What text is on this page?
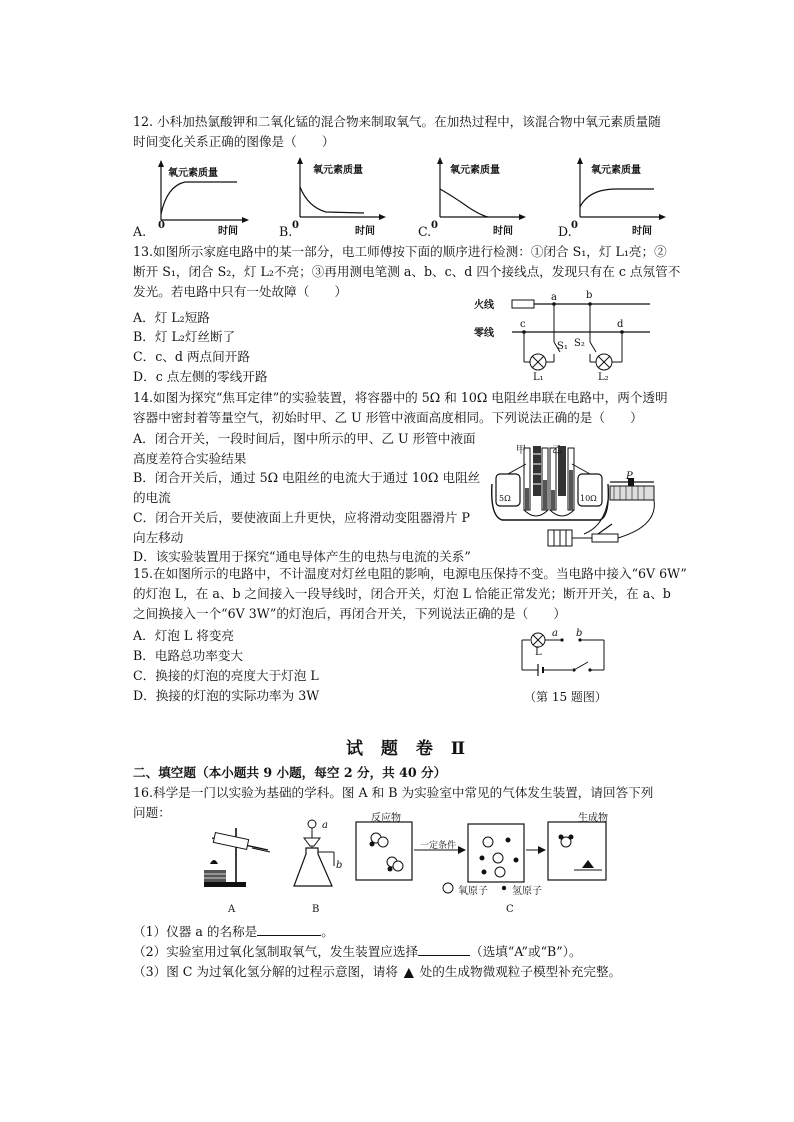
12. 小科加热氯酸钾和二氧化锰的混合物来制取氧气。在加热过程中，该混合物中氧元素质量随
时间变化关系正确的图像是（　　）
氧元素质量
时间
0
A.
氧元素质量
时间
0
B.
氧元素质量
时间
0
C.
氧元素质量
时间
0
D.
13.如图所示家庭电路中的某一部分，电工师傅按下面的顺序进行检测：①闭合 S₁，灯 L₁亮；②
断开 S₁，闭合 S₂，灯 L₂不亮；③再用测电笔测 a、b、c、d 四个接线点，发现只有在 c 点氖管不
发光。若电路中只有一处故障（　　）
A．灯 L₂短路
B．灯 L₂灯丝断了
C．c、d 两点间开路
D．c 点左侧的零线开路
火线
零线
a	b
c	d
S₁ S₂
L₁	L₂
14.如图为探究“焦耳定律”的实验装置，将容器中的 5Ω 和 10Ω 电阻丝串联在电路中，两个透明
容器中密封着等量空气，初始时甲、乙 U 形管中液面高度相同。下列说法正确的是（　　）
A．闭合开关，一段时间后，图中所示的甲、乙 U 形管中液面
高度差符合实验结果
B．闭合开关后，通过 5Ω 电阻丝的电流大于通过 10Ω 电阻丝
的电流
C．闭合开关后，要使液面上升更快，应将滑动变阻器滑片 P
向左移动
D．该实验装置用于探究“通电导体产生的电热与电流的关系”
甲	乙
5Ω	10Ω
P
15.在如图所示的电路中，不计温度对灯丝电阻的影响，电源电压保持不变。当电路中接入“6V 6W”
的灯泡 L，在 a、b 之间接入一段导线时，闭合开关，灯泡 L 恰能正常发光；断开开关，在 a、b
之间换接入一个“6V 3W”的灯泡后，再闭合开关，下列说法正确的是（　　）
A．灯泡 L 将变亮
B．电路总功率变大
C．换接的灯泡的亮度大于灯泡 L
D．换接的灯泡的实际功率为 3W
a b
L
（第 15 题图）
试 题 卷 Ⅱ
二、填空题（本小题共 9 小题，每空 2 分，共 40 分）
16.科学是一门以实验为基础的学科。图 A 和 B 为实验室中常见的气体发生装置，请回答下列
问题：
A
a
b
B
反应物
一定条件
生成物
氧原子 氢原子
C
（1）仪器 a 的名称是	。
（2）实验室用过氧化氢制取氧气，发生装置应选择	（选填“A”或“B”）。
（3）图 C 为过氧化氢分解的过程示意图，请将 ▲ 处的生成物微观粒子模型补充完整。
